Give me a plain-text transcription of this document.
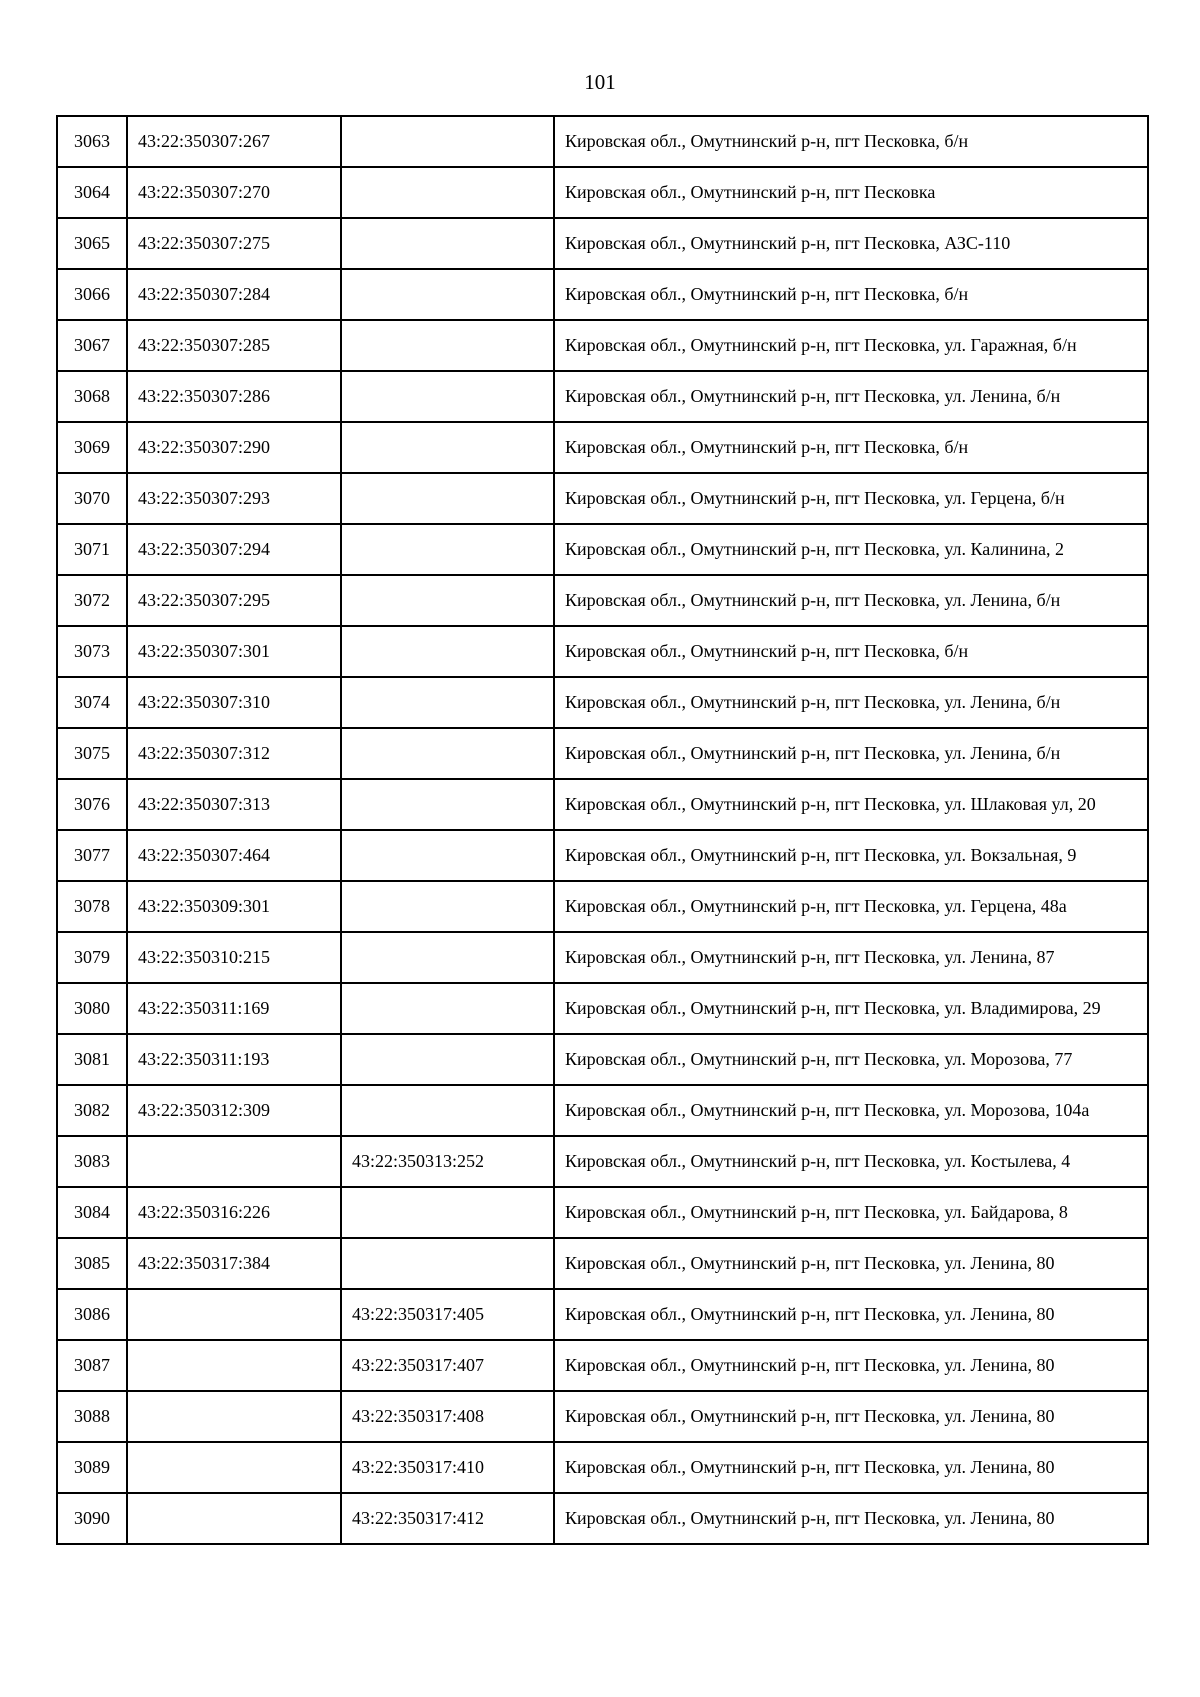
101
3063	43:22:350307:267		Кировская обл., Омутнинский р-н, пгт Песковка, б/н
3064	43:22:350307:270		Кировская обл., Омутнинский р-н, пгт Песковка
3065	43:22:350307:275		Кировская обл., Омутнинский р-н, пгт Песковка, АЗС-110
3066	43:22:350307:284		Кировская обл., Омутнинский р-н, пгт Песковка, б/н
3067	43:22:350307:285		Кировская обл., Омутнинский р-н, пгт Песковка, ул. Гаражная, б/н
3068	43:22:350307:286		Кировская обл., Омутнинский р-н, пгт Песковка, ул. Ленина, б/н
3069	43:22:350307:290		Кировская обл., Омутнинский р-н, пгт Песковка, б/н
3070	43:22:350307:293		Кировская обл., Омутнинский р-н, пгт Песковка, ул. Герцена, б/н
3071	43:22:350307:294		Кировская обл., Омутнинский р-н, пгт Песковка, ул. Калинина, 2
3072	43:22:350307:295		Кировская обл., Омутнинский р-н, пгт Песковка, ул. Ленина, б/н
3073	43:22:350307:301		Кировская обл., Омутнинский р-н, пгт Песковка, б/н
3074	43:22:350307:310		Кировская обл., Омутнинский р-н, пгт Песковка, ул. Ленина, б/н
3075	43:22:350307:312		Кировская обл., Омутнинский р-н, пгт Песковка, ул. Ленина, б/н
3076	43:22:350307:313		Кировская обл., Омутнинский р-н, пгт Песковка, ул. Шлаковая ул, 20
3077	43:22:350307:464		Кировская обл., Омутнинский р-н, пгт Песковка, ул. Вокзальная, 9
3078	43:22:350309:301		Кировская обл., Омутнинский р-н, пгт Песковка, ул. Герцена, 48а
3079	43:22:350310:215		Кировская обл., Омутнинский р-н, пгт Песковка, ул. Ленина, 87
3080	43:22:350311:169		Кировская обл., Омутнинский р-н, пгт Песковка, ул. Владимирова, 29
3081	43:22:350311:193		Кировская обл., Омутнинский р-н, пгт Песковка, ул. Морозова, 77
3082	43:22:350312:309		Кировская обл., Омутнинский р-н, пгт Песковка, ул. Морозова, 104а
3083		43:22:350313:252	Кировская обл., Омутнинский р-н, пгт Песковка, ул. Костылева, 4
3084	43:22:350316:226		Кировская обл., Омутнинский р-н, пгт Песковка, ул. Байдарова, 8
3085	43:22:350317:384		Кировская обл., Омутнинский р-н, пгт Песковка, ул. Ленина, 80
3086		43:22:350317:405	Кировская обл., Омутнинский р-н, пгт Песковка, ул. Ленина, 80
3087		43:22:350317:407	Кировская обл., Омутнинский р-н, пгт Песковка, ул. Ленина, 80
3088		43:22:350317:408	Кировская обл., Омутнинский р-н, пгт Песковка, ул. Ленина, 80
3089		43:22:350317:410	Кировская обл., Омутнинский р-н, пгт Песковка, ул. Ленина, 80
3090		43:22:350317:412	Кировская обл., Омутнинский р-н, пгт Песковка, ул. Ленина, 80
